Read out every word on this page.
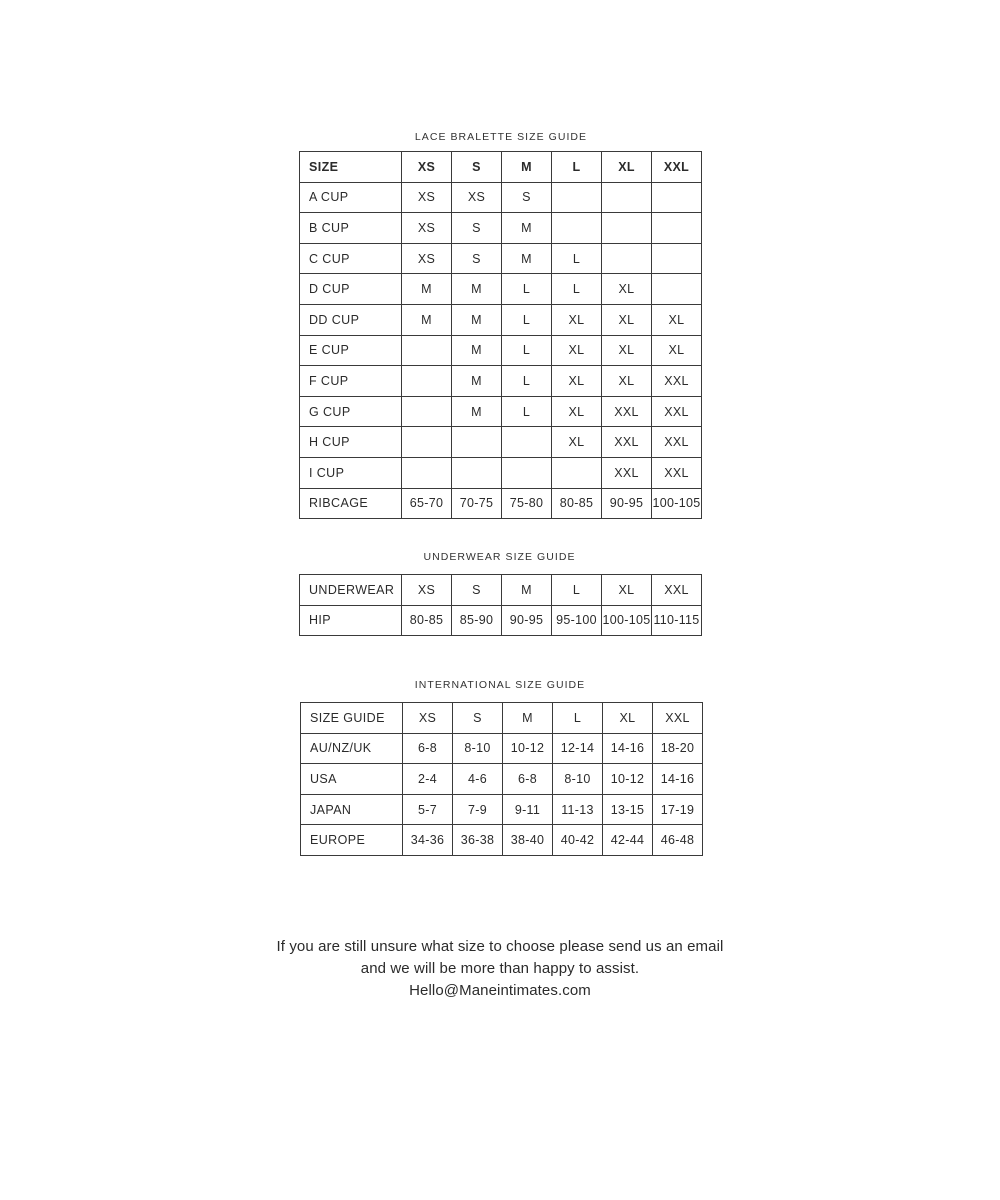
LACE BRALETTE SIZE GUIDE
SIZE	XS	S	M	L	XL	XXL
A CUP	XS	XS	S			
B CUP	XS	S	M			
C CUP	XS	S	M	L		
D CUP	M	M	L	L	XL	
DD CUP	M	M	L	XL	XL	XL
E CUP		M	L	XL	XL	XL
F CUP		M	L	XL	XL	XXL
G CUP		M	L	XL	XXL	XXL
H CUP				XL	XXL	XXL
I CUP					XXL	XXL
RIBCAGE	65-70	70-75	75-80	80-85	90-95	100-105
UNDERWEAR SIZE GUIDE
UNDERWEAR	XS	S	M	L	XL	XXL
HIP	80-85	85-90	90-95	95-100	100-105	110-115
INTERNATIONAL SIZE GUIDE
SIZE GUIDE	XS	S	M	L	XL	XXL
AU/NZ/UK	6-8	8-10	10-12	12-14	14-16	18-20
USA	2-4	4-6	6-8	8-10	10-12	14-16
JAPAN	5-7	7-9	9-11	11-13	13-15	17-19
EUROPE	34-36	36-38	38-40	40-42	42-44	46-48
If you are still unsure what size to choose please send us an email
and we will be more than happy to assist.
Hello@Maneintimates.com
